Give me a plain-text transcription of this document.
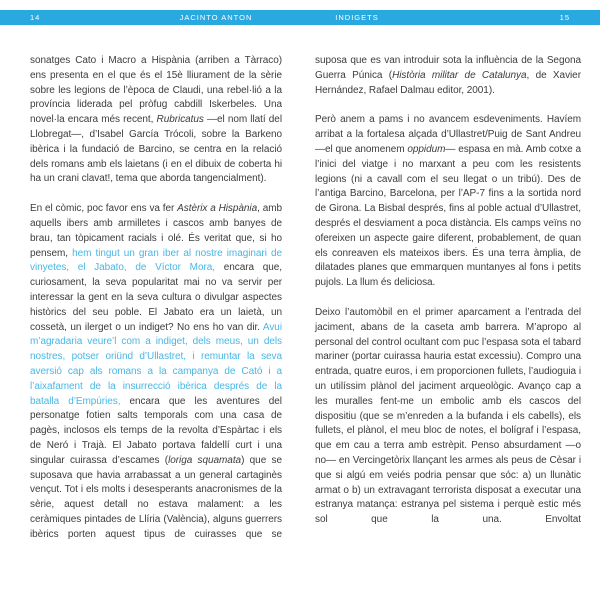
14	JACINTO ANTON	INDIGETS	15

sonatges Cato i Macro a Hispània (arriben a Tàrraco) ens presenta en el que és el 15è lliurament de la sèrie sobre les legions de l’època de Claudi, una rebel·lió a la província liderada pel pròfug cabdill Iskerbeles. Una novel·la encara més recent, Rubricatus —el nom llatí del Llobregat—, d’Isabel García Trócoli, sobre la Barkeno ibèrica i la fundació de Barcino, se centra en la relació dels romans amb els laietans (i en el dibuix de coberta hi ha un crani clavat!, tema que aborda tangencialment).

En el còmic, poc favor ens va fer Astèrix a Hispània, amb aquells ibers amb armilletes i cascos amb banyes de brau, tan tòpicament racials i olé. És veritat que, si ho pensem, hem tingut un gran iber al nostre imaginari de vinyetes, el Jabato, de Víctor Mora, encara que, curiosament, la seva popularitat mai no va servir per interessar la gent en la seva cultura o divulgar aspectes històrics del seu poble. El Jabato era un laietà, un cossetà, un ilerget o un indiget? No ens ho van dir. Avui m’agradaria veure’l com a indiget, dels meus, un dels nostres, potser oriünd d’Ullastret, i remuntar la seva aversió cap als romans a la campanya de Cató i a l’aixafament de la insurrecció ibèrica després de la batalla d’Empúries, encara que les aventures del personatge fotien salts temporals com una casa de pagès, inclosos els temps de la revolta d’Espàrtac i els de Neró i Trajà. El Jabato portava faldellí curt i una singular cuirassa d’escames (loriga squamata) que se suposava que havia arrabassat a un general cartaginès vençut. Tot i els molts i desesperants anacronismes de la sèrie, aquest detall no estava malament: a les ceràmiques pintades de Llíria (València), alguns guerrers ibèrics porten aquest tipus de cuirasses que se

suposa que es van introduir sota la influència de la Segona Guerra Púnica (Història militar de Catalunya, de Xavier Hernández, Rafael Dalmau editor, 2001).

Però anem a pams i no avancem esdeveniments. Havíem arribat a la fortalesa alçada d’Ullastret/Puig de Sant Andreu —el que anomenem oppidum— espasa en mà. Amb cotxe a l’inici del viatge i no marxant a peu com les resistents legions (ni a cavall com el seu llegat o un tribú). Des de l’antiga Barcino, Barcelona, per l’AP-7 fins a la sortida nord de Girona. La Bisbal després, fins al poble actual d’Ullastret, després el desviament a poca distància. Els camps veïns no ofereixen un aspecte gaire diferent, probablement, de quan els conreaven els mateixos ibers. És una terra àmplia, de dilatades planes que emmarquen muntanyes al fons i petits pujols. La llum és deliciosa.

Deixo l’automòbil en el primer aparcament a l’entrada del jaciment, abans de la caseta amb barrera. M’apropo al personal del control ocultant com puc l’espasa sota el tabard mariner (portar cuirassa hauria estat excessiu). Compro una entrada, quatre euros, i em proporcionen fullets, l’audioguia i un utilíssim plànol del jaciment arqueològic. Avanço cap a les muralles fent-me un embolic amb els cascos del dispositiu (que se m’enreden a la bufanda i els cabells), els fullets, el plànol, el meu bloc de notes, el bolígraf i l’espasa, que em cau a terra amb estrèpit. Penso absurdament —o no— en Vercingetòrix llançant les armes als peus de Cèsar i que si algú em veiés podria pensar que sóc: a) un llunàtic armat o b) un extravagant terrorista disposat a executar una estranya matança: estranya pel sistema i perquè estic més sol que la una. Envoltat
